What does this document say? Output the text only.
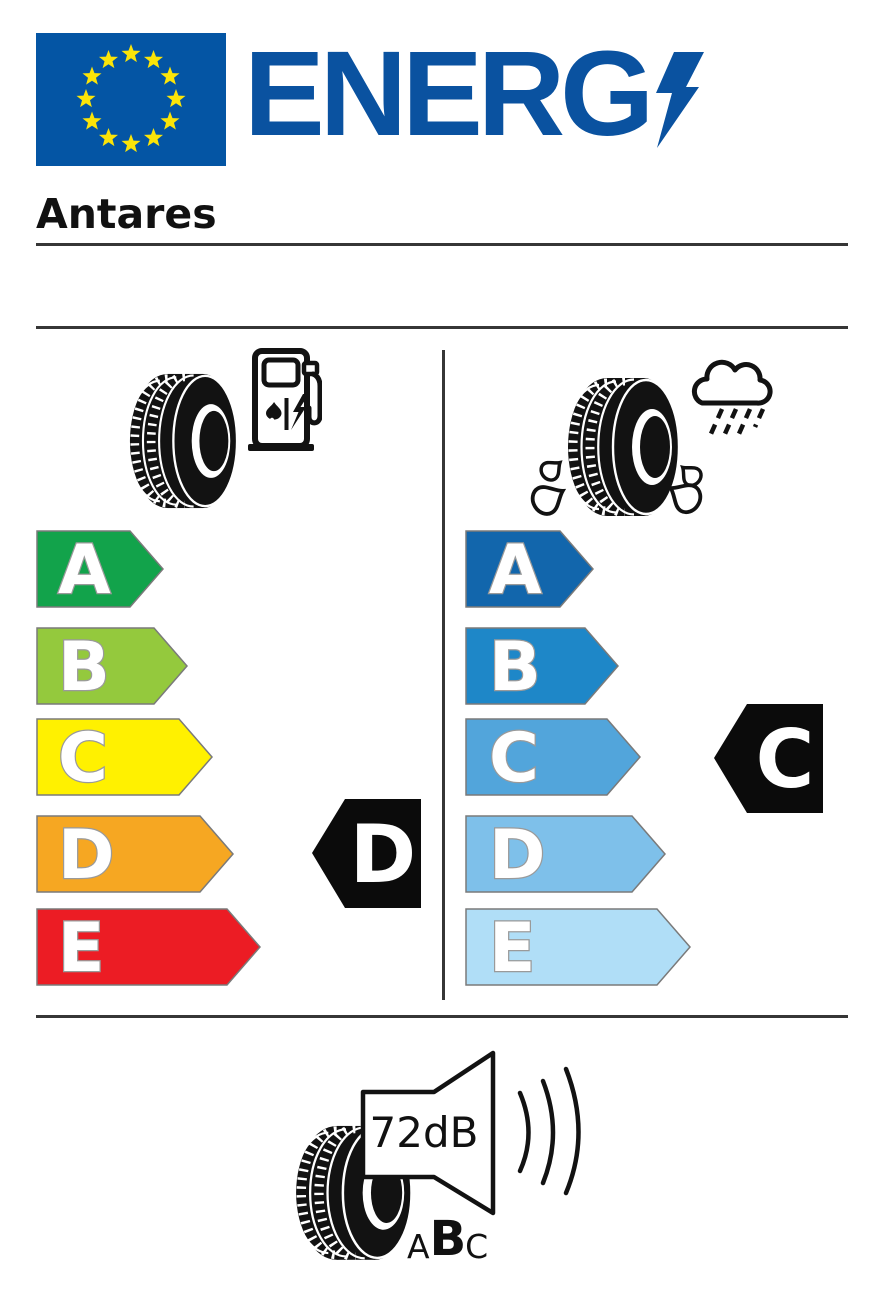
ENERG
Antares
A
B
C
D
E
D
A
B
C
D
E
C
72dB
A B C
